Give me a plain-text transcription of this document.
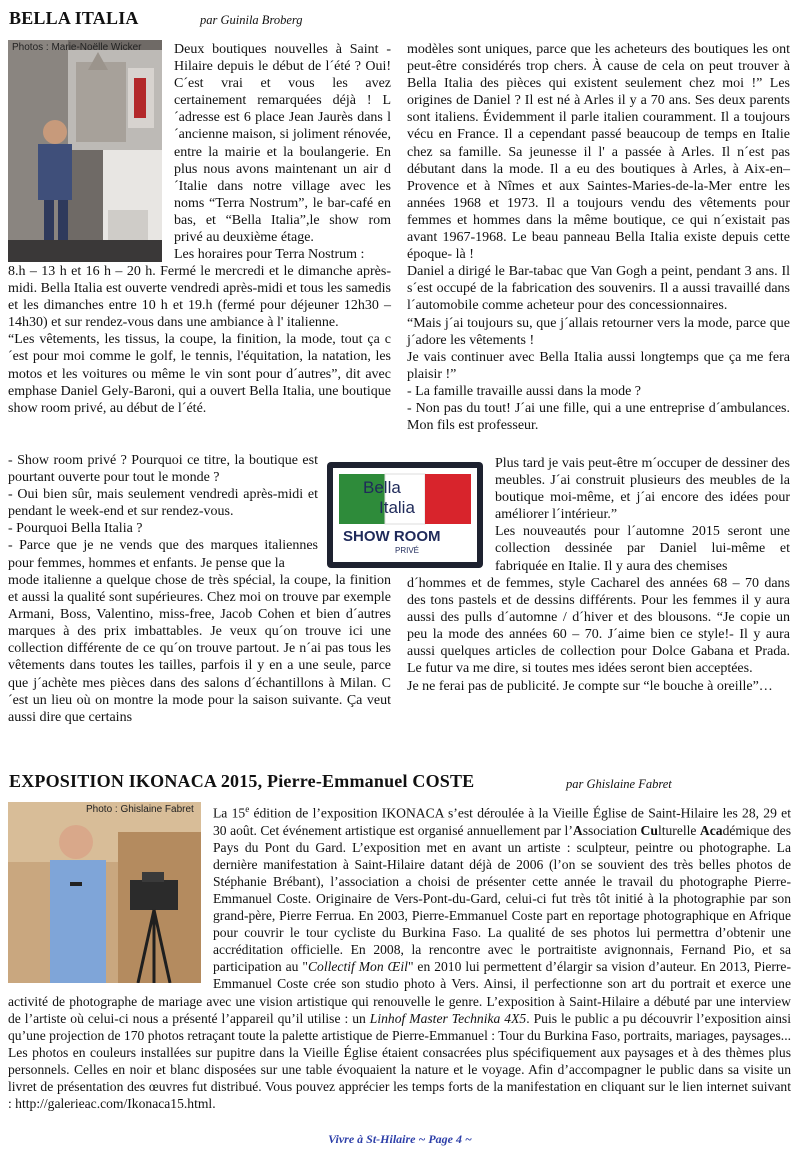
BELLA ITALIA	par Guinila Broberg
Photos : Marie-Noëlle Wicker Deux boutiques nouvelles à Saint - Hilaire depuis le début de l´été ? Oui! C´est vrai et vous les avez certainement remarquées déjà ! L´adresse est 6 place Jean Jaurès dans l´ancienne maison, si joliment rénovée, entre la mairie et la boulangerie. En plus nous avons maintenant un air d´Italie dans notre village avec les noms “Terra Nostrum”, le bar-café en bas, et “Bella Italia”,le show rom privé au deuxième étage.

Les horaires pour Terra Nostrum :

8.h – 13 h et 16 h – 20 h. Fermé le mercredi et le dimanche après-midi. Bella Italia est ouverte vendredi après-midi et tous les samedis et les dimanches entre 10 h et 19.h (fermé pour déjeuner 12h30 – 14h30) et sur rendez-vous dans une ambiance à l' italienne.

“Les vêtements, les tissus, la coupe, la finition, la mode, tout ça c´est pour moi comme le golf, le tennis, l'équitation, la natation, les motos et les voitures ou même le vin sont pour d´autres”, dit avec emphase Daniel Gely-Baroni, qui a ouvert Bella Italia, une boutique show room privé, au début de l´été.

- Show room privé ? Pourquoi ce titre, la boutique est pourtant ouverte pour tout le monde ?

- Oui bien sûr, mais seulement vendredi après-midi et pendant le week-end et sur rendez-vous.

- Pourquoi Bella Italia ?

- Parce que je ne vends que des marques italiennes pour femmes, hommes et enfants. Je pense que la

Bella
Italia
SHOW ROOM
PRIVÉ

mode italienne a quelque chose de très spécial, la coupe, la finition et aussi la qualité sont supérieures. Chez moi on trouve par exemple Armani, Boss, Valentino, miss-free, Jacob Cohen et bien d´autres marques à des prix imbattables. Je veux qu´on trouve ici une collection différente de ce qu´on trouve partout. Je n´ai pas tous les vêtements dans toutes les tailles, parfois il y en a une seule, parce que j´achète mes pièces dans des salons d´échantillons à Milan. C´est un lieu où on montre la mode pour la saison suivante. Ça veut aussi dire que certains

modèles sont uniques, parce que les acheteurs des boutiques les ont peut-être considérés trop chers. À cause de cela on peut trouver à Bella Italia des pièces qui existent seulement chez moi !” Les origines de Daniel ? Il est né à Arles il y a 70 ans. Ses deux parents sont italiens. Évidemment il parle italien couramment. Il a toujours vécu en France. Il a cependant passé beaucoup de temps en Italie chez sa famille. Sa jeunesse il l' a passée à Arles. Il n´est pas débutant dans la mode. Il a eu des boutiques à Arles, à Aix-en–Provence et à Nîmes et aux Saintes-Maries-de-la-Mer entre les années 1968 et 1973. Il a toujours vendu des vêtements pour femmes et hommes dans la même boutique, ce qui n´existait pas avant 1967-1968. Le beau panneau Bella Italia existe depuis cette époque- là !

Daniel a dirigé le Bar-tabac que Van Gogh a peint, pendant 3 ans. Il s´est occupé de la fabrication des souvenirs. Il a aussi travaillé dans l´automobile comme acheteur pour des concessionnaires.

“Mais j´ai toujours su, que j´allais retourner vers la mode, parce que j´adore les vêtements !

Je vais continuer avec Bella Italia aussi longtemps que ça me fera plaisir !”

- La famille travaille aussi dans la mode ?

- Non pas du tout! J´ai une fille, qui a une entreprise d´ambulances. Mon fils est professeur.

Plus tard je vais peut-être m´occuper de dessiner des meubles. J´ai construit plusieurs des meubles de la boutique moi-même, et j´ai encore des idées pour améliorer l´intérieur.”

Les nouveautés pour l´automne 2015 seront une collection dessinée par Daniel lui-même et fabriquée en Italie. Il y aura des chemises

d´hommes et de femmes, style Cacharel des années 68 – 70 dans des tons pastels et de dessins différents. Pour les femmes il y aura aussi des pulls d´automne / d´hiver et des blousons. “Je copie un peu la mode des années 60 – 70. J´aime bien ce style!- Il y aura aussi quelques articles de collection pour Dolce Gabana et Prada. Le futur va me dire, si toutes mes idées seront bien acceptées.

Je ne ferai pas de publicité. Je compte sur “le bouche à oreille”…

EXPOSITION IKONACA 2015, Pierre-Emmanuel COSTE	par Ghislaine Fabret
Photo : Ghislaine Fabret	La 15e édition de l’exposition IKONACA s’est déroulée à la Vieille Église de Saint-Hilaire les 28, 29 et 30 août. Cet événement artistique est organisé annuellement par l’Association Culturelle Académique des Pays du Pont du Gard. L’exposition met en avant un artiste : sculpteur, peintre ou photographe. La dernière manifestation à Saint-Hilaire datant déjà de 2006 (l’on se souvient des très belles photos de Stéphanie Brébant), l’association a choisi de présenter cette année le travail du photographe Pierre-Emmanuel Coste. Originaire de Vers-Pont-du-Gard, celui-ci fut très tôt initié à la photographie par son grand-père, Pierre Ferrua. En 2003, Pierre-Emmanuel Coste part en reportage photographique en Afrique pour couvrir le tour cycliste du Burkina Faso. La qualité de ses photos lui permettra d’obtenir une accréditation officielle. En 2008, la rencontre avec le portraitiste avignonnais, Fernand Pio, et sa participation au "Collectif Mon Œil" en 2010 lui permettent d’élargir sa vision d’auteur. En 2013, Pierre-Emmanuel Coste crée son studio photo à Vers. Ainsi, il perfectionne son art du portrait et exerce une activité de photographe de mariage avec une vision artistique qui renouvelle le genre. L’exposition à Saint-Hilaire a débuté par une interview de l’artiste où celui-ci nous a présenté l’appareil qu’il utilise : un Linhof Master Technika 4X5. Puis le public a pu découvrir l’exposition ainsi qu’une projection de 170 photos retraçant toute la palette artistique de Pierre-Emmanuel : Tour du Burkina Faso, portraits, mariages, paysages... Les photos en couleurs installées sur pupitre dans la Vieille Église étaient consacrées plus spécifiquement aux paysages et à des thèmes plus personnels. Celles en noir et blanc disposées sur une table évoquaient la nature et le voyage. Afin d’accompagner le public dans sa visite un livret de présentation des œuvres fut distribué. Vous pouvez apprécier les temps forts de la manifestation en cliquant sur le lien internet suivant : http://galerieac.com/Ikonaca15.html.

Vivre à St-Hilaire ~ Page 4 ~
